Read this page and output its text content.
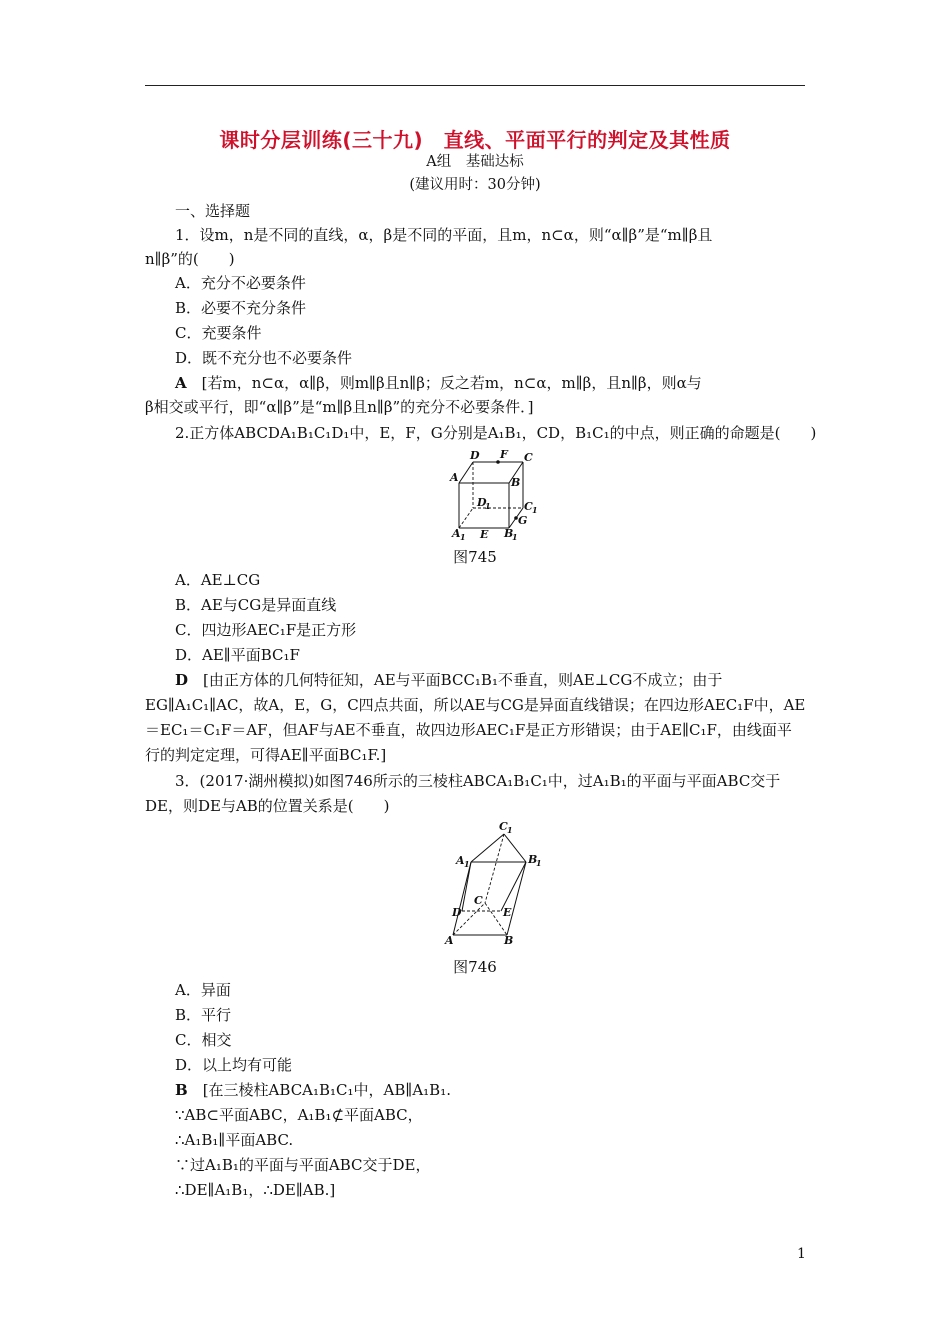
课时分层训练(三十九)　直线、平面平行的判定及其性质
A组　基础达标
(建议用时：30分钟)
一、选择题
1．设m，n是不同的直线，α，β是不同的平面，且m，n⊂α，则“α∥β”是“m∥β且
n∥β”的(　　)
A．充分不必要条件
B．必要不充分条件
C．充要条件
D．既不充分也不必要条件
A　 [若m，n⊂α，α∥β，则m∥β且n∥β；反之若m，n⊂α，m∥β，且n∥β，则α与
β相交或平行，即“α∥β”是“m∥β且n∥β”的充分不必要条件．]
2.正方体ABCDA₁B₁C₁D₁中，E，F，G分别是A₁B₁，CD，B₁C₁的中点，则正确的命题是(　　)
D F C
A	B
D
1	C 1
A 1 E B
1
G
图745
A．AE⊥CG
B．AE与CG是异面直线
C．四边形AEC₁F是正方形
D．AE∥平面BC₁F
D　 [由正方体的几何特征知，AE与平面BCC₁B₁不垂直，则AE⊥CG不成立；由于
EG∥A₁C₁∥AC，故A，E，G，C四点共面，所以AE与CG是异面直线错误；在四边形AEC₁F中，AE
＝EC₁＝C₁F＝AF，但AF与AE不垂直，故四边形AEC₁F是正方形错误；由于AE∥C₁F，由线面平
行的判定定理，可得AE∥平面BC₁F.]
3．(2017·湖州模拟)如图746所示的三棱柱ABCA₁B₁C₁中，过A₁B₁的平面与平面ABC交于
DE，则DE与AB的位置关系是(　　)
C 1
A 1	B
1
C
D	E
A	B
图746
A．异面
B．平行
C．相交
D．以上均有可能
B　 [在三棱柱ABCA₁B₁C₁中，AB∥A₁B₁.
∵AB⊂平面ABC，A₁B₁⊄平面ABC，
∴A₁B₁∥平面ABC.
∵过A₁B₁的平面与平面ABC交于DE，
∴DE∥A₁B₁，∴DE∥AB.]
1
